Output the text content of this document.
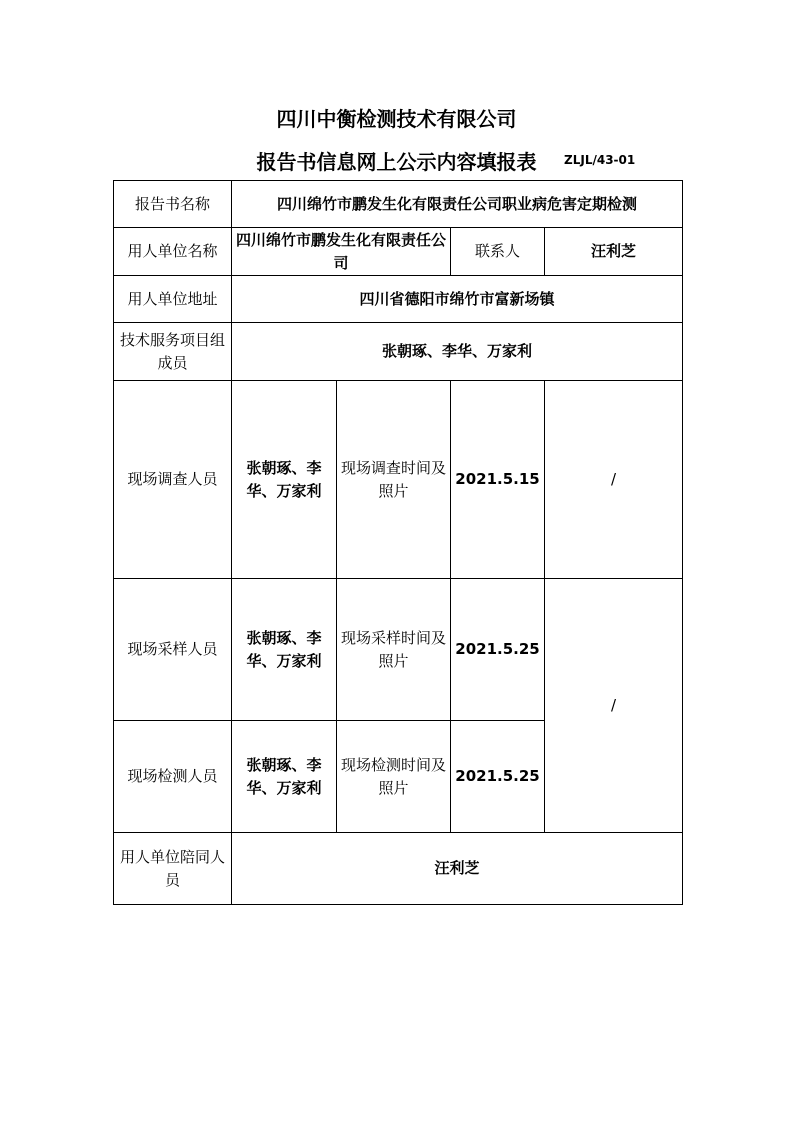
四川中衡检测技术有限公司
报告书信息网上公示内容填报表	ZLJL/43-01
报告书名称	四川绵竹市鹏发生化有限责任公司职业病危害定期检测			
用人单位名称	四川绵竹市鹏发生化有限责任公司		联系人	汪利芝
用人单位地址	四川省德阳市绵竹市富新场镇			
技术服务项目组成员	张朝琢、李华、万家利			
现场调查人员	张朝琢、李华、万家利	现场调查时间及照片	2021.5.15	/
现场采样人员	张朝琢、李华、万家利	现场采样时间及照片	2021.5.25	/
现场检测人员	张朝琢、李华、万家利	现场检测时间及照片	2021.5.25	
用人单位陪同人员	汪利芝			
